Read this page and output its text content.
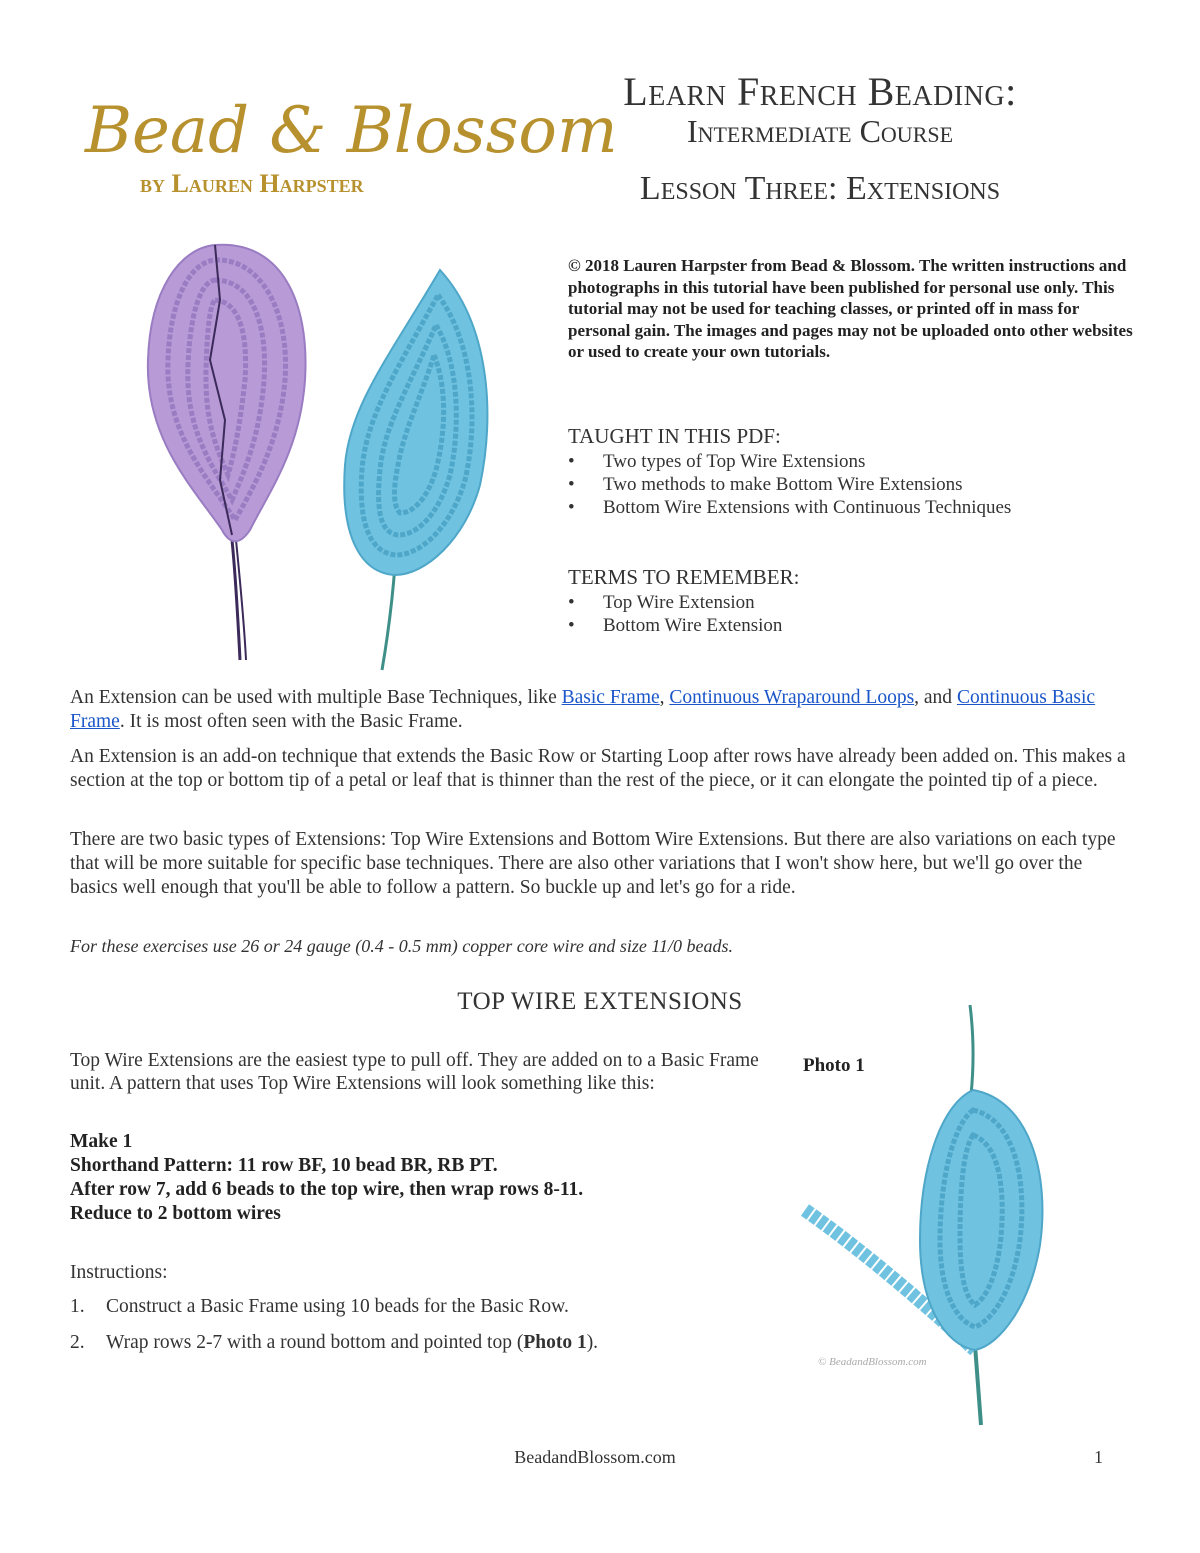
Bead & Blossom
by Lauren Harpster
Learn French Beading:
Intermediate Course
Lesson Three: Extensions
© 2018 Lauren Harpster from Bead & Blossom. The written instructions and photographs in this tutorial have been published for personal use only. This tutorial may not be used for teaching classes, or printed off in mass for personal gain. The images and pages may not be uploaded onto other websites or used to create your own tutorials.
TAUGHT IN THIS PDF:
• Two types of Top Wire Extensions
• Two methods to make Bottom Wire Extensions
• Bottom Wire Extensions with Continuous Techniques
TERMS TO REMEMBER:
• Top Wire Extension
• Bottom Wire Extension
An Extension can be used with multiple Base Techniques, like Basic Frame, Continuous Wraparound Loops, and Continuous Basic Frame. It is most often seen with the Basic Frame.
An Extension is an add-on technique that extends the Basic Row or Starting Loop after rows have already been added on. This makes a section at the top or bottom tip of a petal or leaf that is thinner than the rest of the piece, or it can elongate the pointed tip of a piece.
There are two basic types of Extensions: Top Wire Extensions and Bottom Wire Extensions. But there are also variations on each type that will be more suitable for specific base techniques. There are also other variations that I won't show here, but we'll go over the basics well enough that you'll be able to follow a pattern. So buckle up and let's go for a ride.
For these exercises use 26 or 24 gauge (0.4 - 0.5 mm) copper core wire and size 11/0 beads.
TOP WIRE EXTENSIONS
Top Wire Extensions are the easiest type to pull off. They are added on to a Basic Frame unit. A pattern that uses Top Wire Extensions will look something like this:
Make 1
Shorthand Pattern: 11 row BF, 10 bead BR, RB PT.
After row 7, add 6 beads to the top wire, then wrap rows 8-11.
Reduce to 2 bottom wires
Instructions:
1. Construct a Basic Frame using 10 beads for the Basic Row.
2. Wrap rows 2-7 with a round bottom and pointed top (Photo 1).
Photo 1
© BeadandBlossom.com
BeadandBlossom.com	1
